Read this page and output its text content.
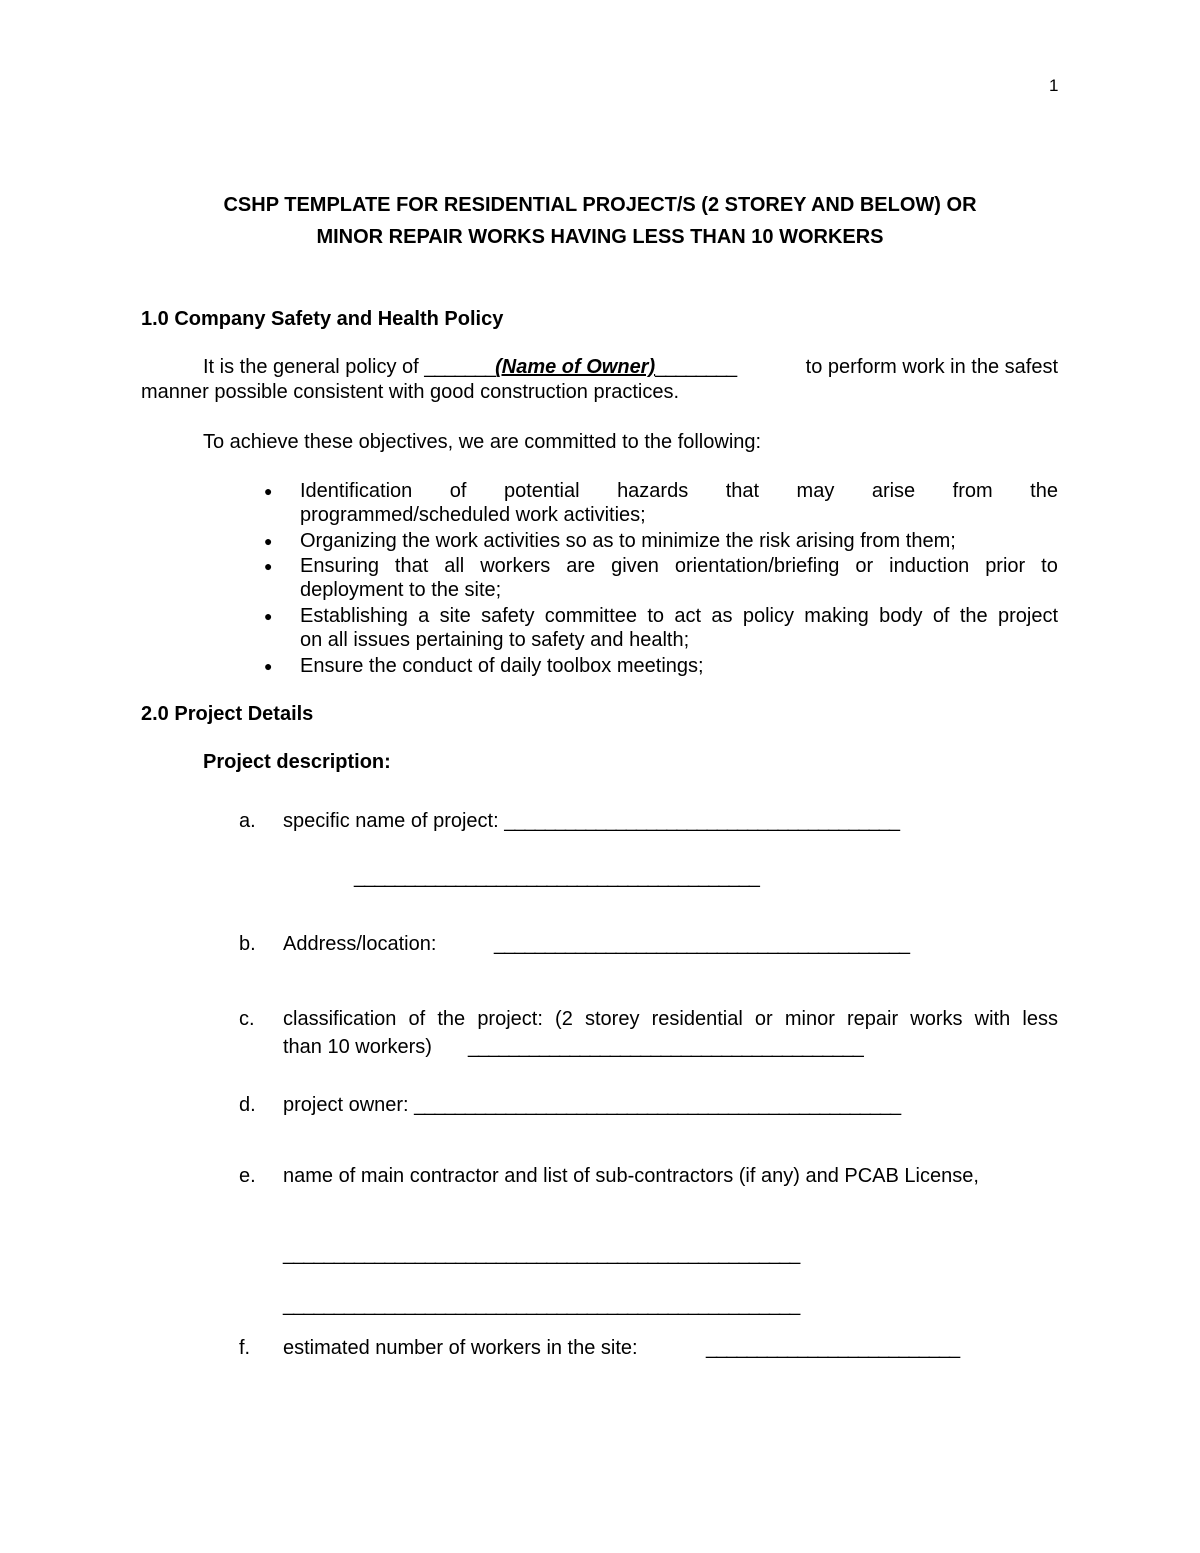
1
CSHP TEMPLATE FOR RESIDENTIAL PROJECT/S (2 STOREY AND BELOW) OR
MINOR REPAIR WORKS HAVING LESS THAN 10 WORKERS
1.0 Company Safety and Health Policy
It is the general policy of _______(Name of Owner)________	to perform work in the safest
manner possible consistent with good construction practices.
To achieve these objectives, we are committed to the following:
● Identification of potential hazards that may arise from the
programmed/scheduled work activities;
● Organizing the work activities so as to minimize the risk arising from them;
● Ensuring that all workers are given orientation/briefing or induction prior to
deployment to the site;
● Establishing a site safety committee to act as policy making body of the project
on all issues pertaining to safety and health;
● Ensure the conduct of daily toolbox meetings;
2.0 Project Details
Project description:
a. specific name of project: _______________________________________
________________________________________
b. Address/location:	_________________________________________
c. classification of the project: (2 storey residential or minor repair works with less
than 10 workers) _______________________________________
d. project owner: ________________________________________________
e. name of main contractor and list of sub-contractors (if any) and PCAB License,
___________________________________________________
___________________________________________________
f.	estimated number of workers in the site:	_________________________
